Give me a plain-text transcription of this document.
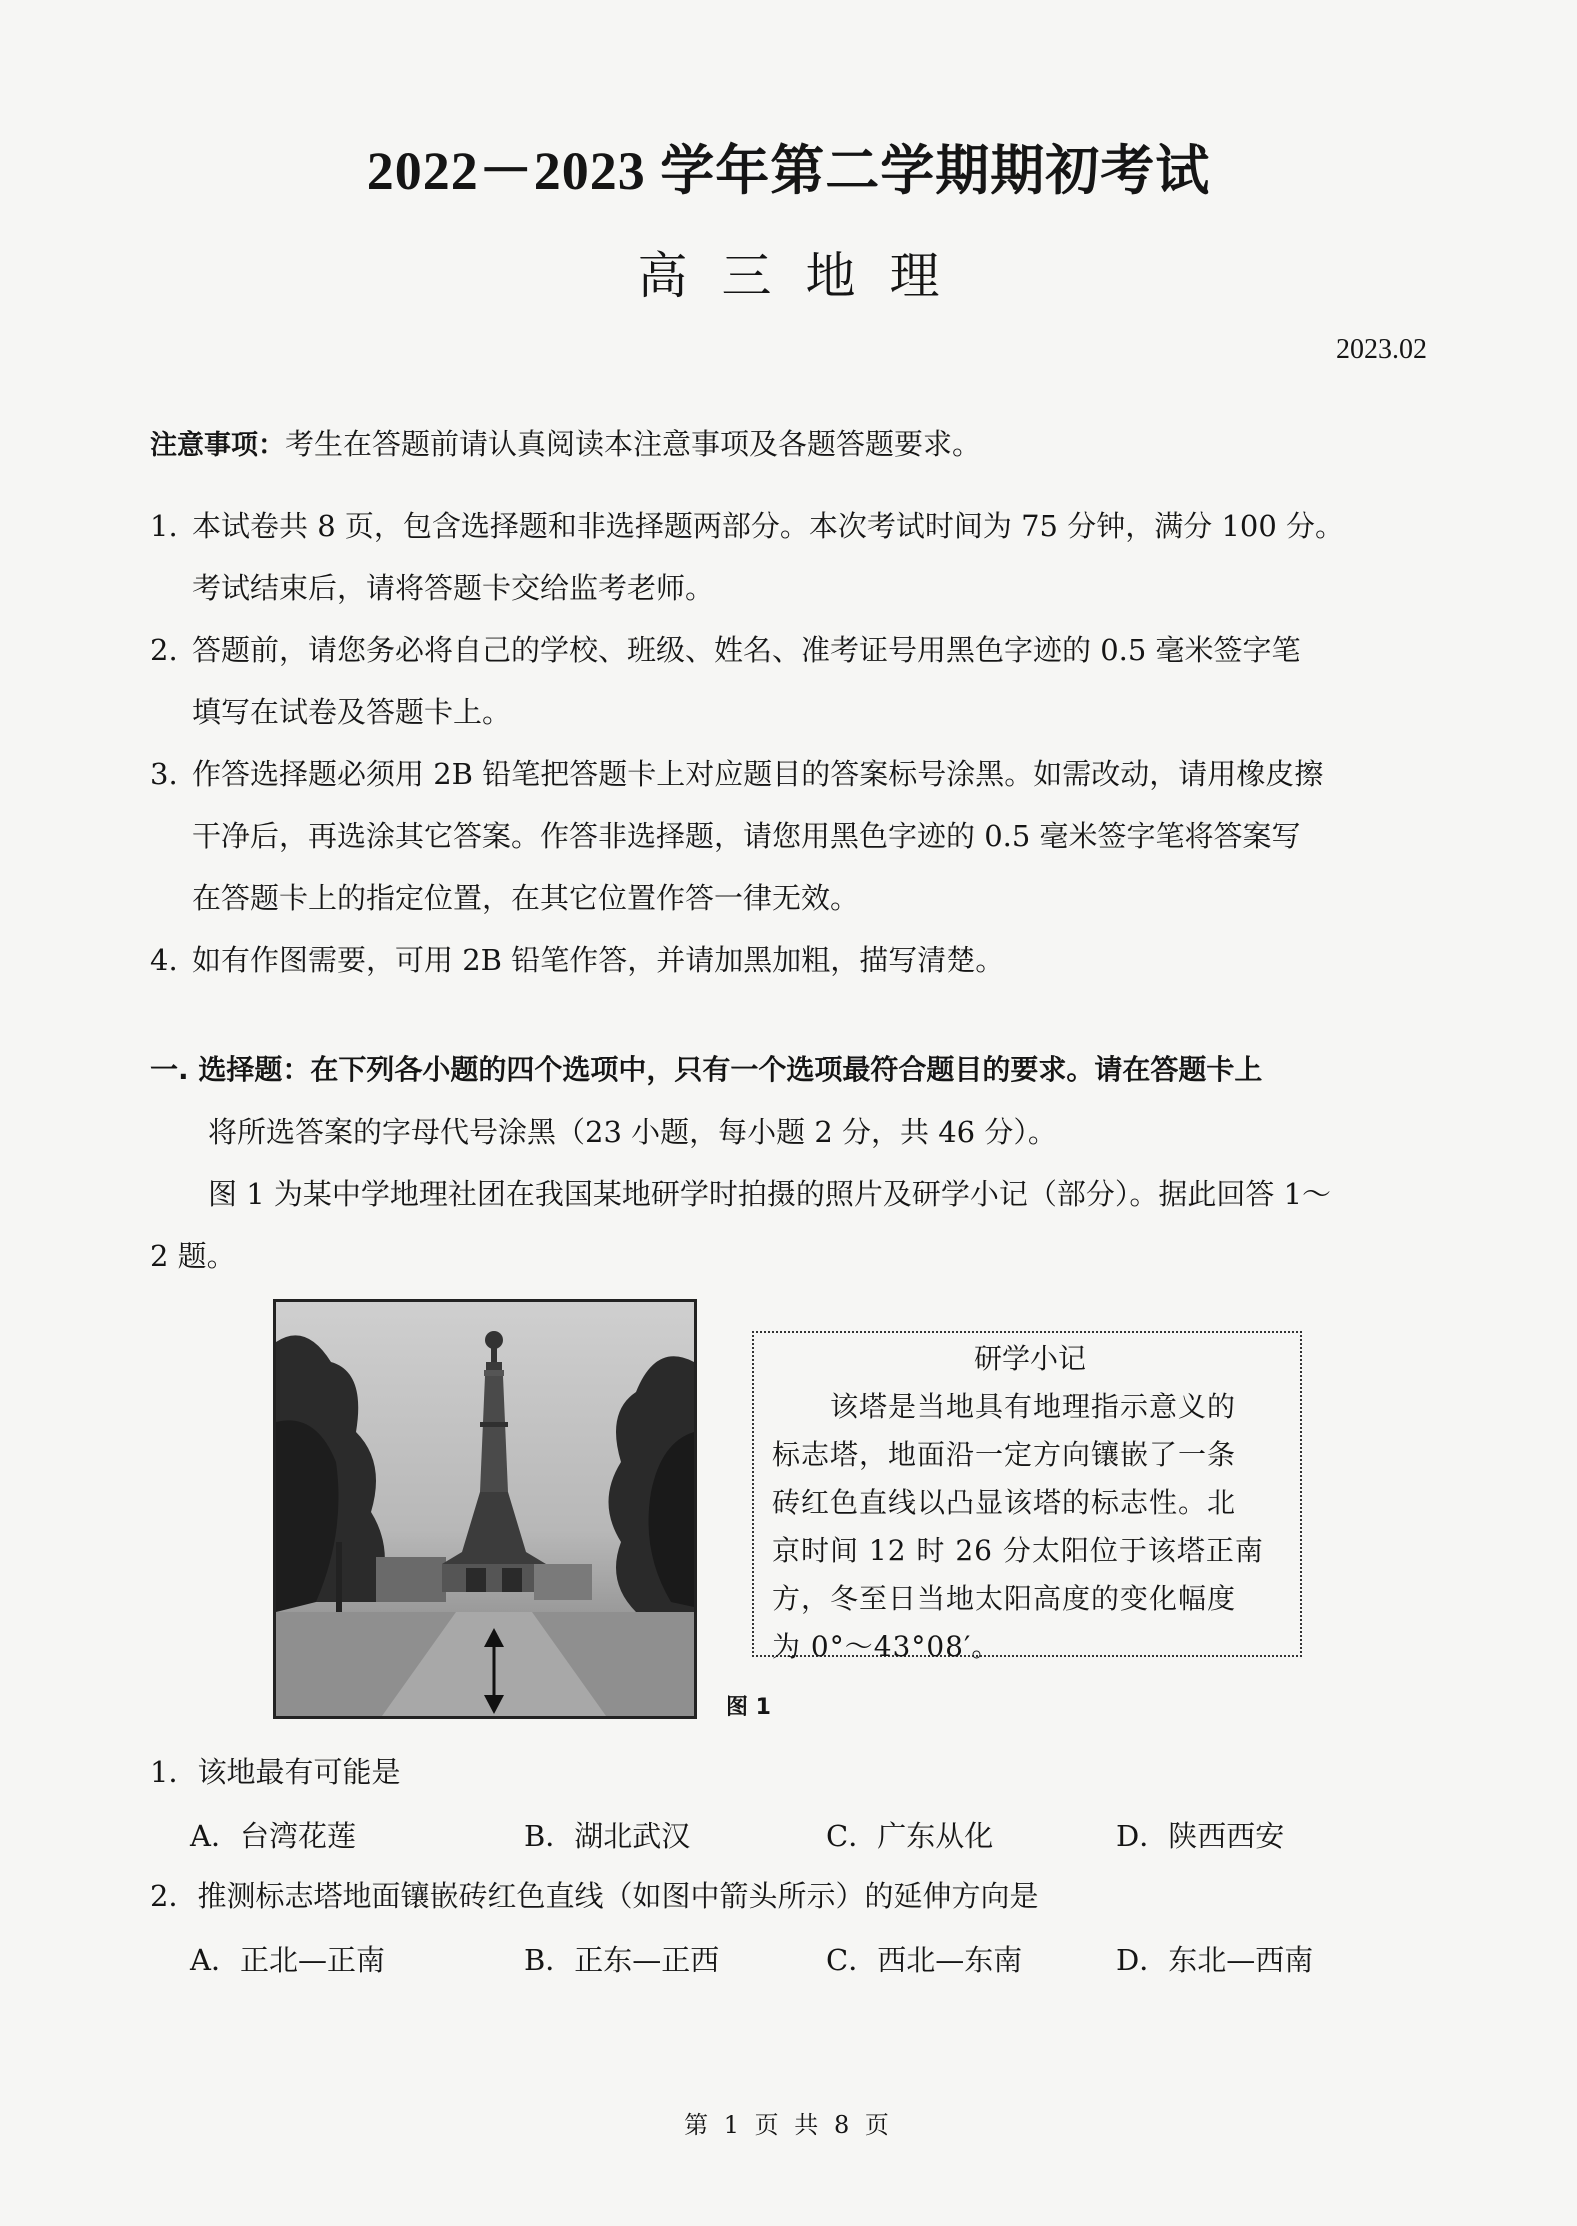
2022－2023 学年第二学期期初考试
高三地理
2023.02
注意事项：考生在答题前请认真阅读本注意事项及各题答题要求。
1. 本试卷共 8 页，包含选择题和非选择题两部分。本次考试时间为 75 分钟，满分 100 分。
考试结束后，请将答题卡交给监考老师。
2. 答题前，请您务必将自己的学校、班级、姓名、准考证号用黑色字迹的 0.5 毫米签字笔
填写在试卷及答题卡上。
3. 作答选择题必须用 2B 铅笔把答题卡上对应题目的答案标号涂黑。如需改动，请用橡皮擦
干净后，再选涂其它答案。作答非选择题，请您用黑色字迹的 0.5 毫米签字笔将答案写
在答题卡上的指定位置，在其它位置作答一律无效。
4. 如有作图需要，可用 2B 铅笔作答，并请加黑加粗，描写清楚。
一. 选择题：在下列各小题的四个选项中，只有一个选项最符合题目的要求。请在答题卡上
将所选答案的字母代号涂黑（23 小题，每小题 2 分，共 46 分）。
图 1 为某中学地理社团在我国某地研学时拍摄的照片及研学小记（部分）。据此回答 1～
2 题。
研学小记
　　该塔是当地具有地理指示意义的
标志塔，地面沿一定方向镶嵌了一条
砖红色直线以凸显该塔的标志性。北
京时间 12 时 26 分太阳位于该塔正南
方，冬至日当地太阳高度的变化幅度
为 0°～43°08′。
图 1
1．该地最有可能是
A．台湾花莲	B．湖北武汉	C．广东从化	D．陕西西安
2．推测标志塔地面镶嵌砖红色直线（如图中箭头所示）的延伸方向是
A．正北—正南	B．正东—正西	C．西北—东南	D．东北—西南
第 1 页 共 8 页
